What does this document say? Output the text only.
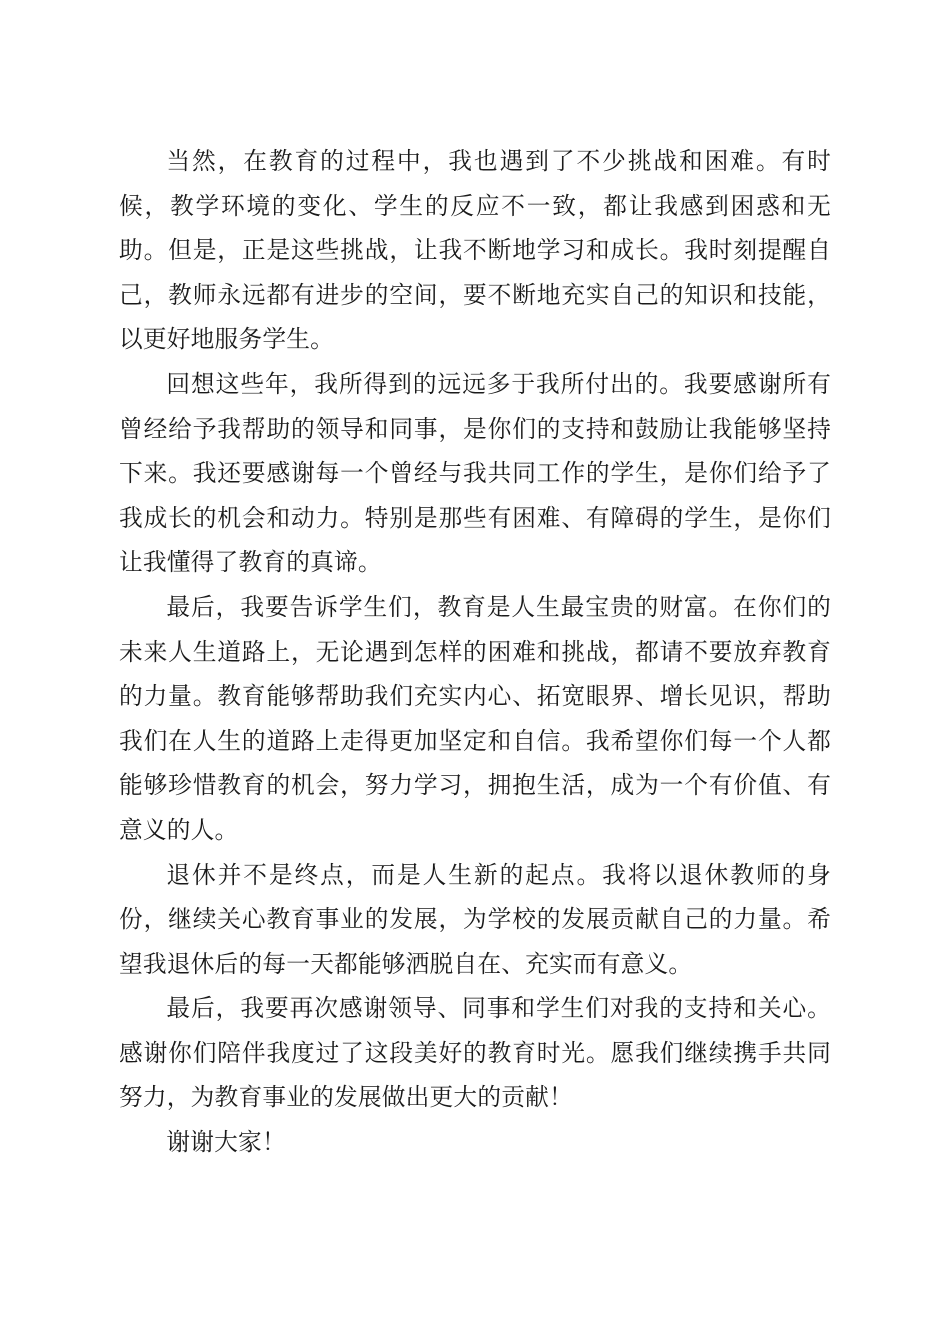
当然，在教育的过程中，我也遇到了不少挑战和困难。有时候，教学环境的变化、学生的反应不一致，都让我感到困惑和无助。但是，正是这些挑战，让我不断地学习和成长。我时刻提醒自己，教师永远都有进步的空间，要不断地充实自己的知识和技能，以更好地服务学生。

回想这些年，我所得到的远远多于我所付出的。我要感谢所有曾经给予我帮助的领导和同事，是你们的支持和鼓励让我能够坚持下来。我还要感谢每一个曾经与我共同工作的学生，是你们给予了我成长的机会和动力。特别是那些有困难、有障碍的学生，是你们让我懂得了教育的真谛。

最后，我要告诉学生们，教育是人生最宝贵的财富。在你们的未来人生道路上，无论遇到怎样的困难和挑战，都请不要放弃教育的力量。教育能够帮助我们充实内心、拓宽眼界、增长见识，帮助我们在人生的道路上走得更加坚定和自信。我希望你们每一个人都能够珍惜教育的机会，努力学习，拥抱生活，成为一个有价值、有意义的人。

退休并不是终点，而是人生新的起点。我将以退休教师的身份，继续关心教育事业的发展，为学校的发展贡献自己的力量。希望我退休后的每一天都能够洒脱自在、充实而有意义。

最后，我要再次感谢领导、同事和学生们对我的支持和关心。感谢你们陪伴我度过了这段美好的教育时光。愿我们继续携手共同努力，为教育事业的发展做出更大的贡献！

谢谢大家！
